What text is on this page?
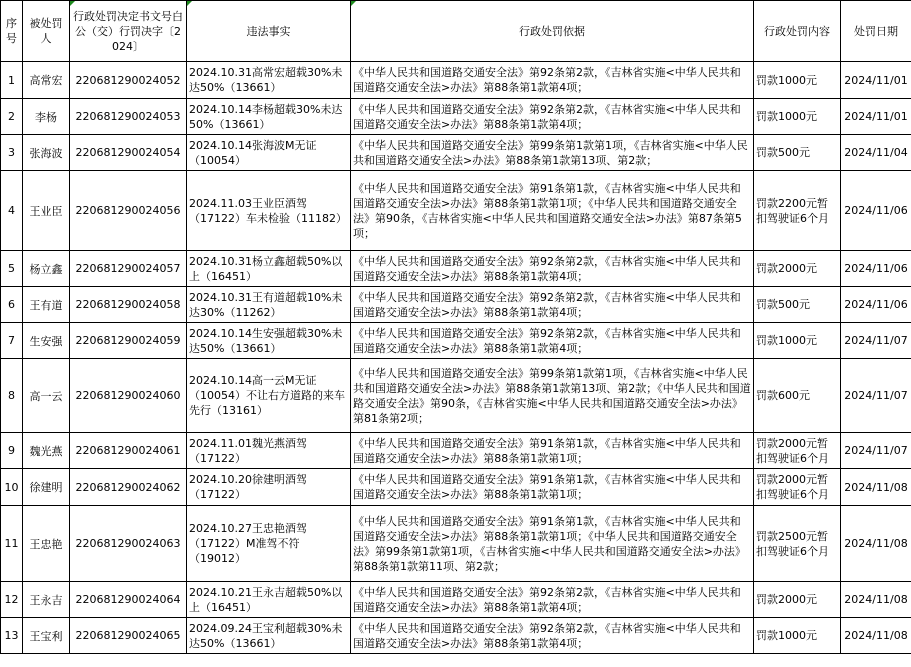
序号	被处罚人	行政处罚决定书文号白公（交）行罚决字〔2024〕	违法事实	行政处罚依据	行政处罚内容	处罚日期
1	高常宏	220681290024052	2024.10.31高常宏超载30%未达50%（13661）	《中华人民共和国道路交通安全法》第92条第2款，《吉林省实施<中华人民共和国道路交通安全法>办法》第88条第1款第4项；	罚款1000元	2024/11/01
2	李杨	220681290024053	2024.10.14李杨超载30%未达50%（13661）	《中华人民共和国道路交通安全法》第92条第2款，《吉林省实施<中华人民共和国道路交通安全法>办法》第88条第1款第4项；	罚款1000元	2024/11/01
3	张海波	220681290024054	2024.10.14张海波M无证（10054）	《中华人民共和国道路交通安全法》第99条第1款第1项，《吉林省实施<中华人民共和国道路交通安全法>办法》第88条第1款第13项、第2款；	罚款500元	2024/11/04
4	王业臣	220681290024056	2024.11.03王业臣酒驾（17122）车未检验（11182）	《中华人民共和国道路交通安全法》第91条第1款，《吉林省实施<中华人民共和国道路交通安全法>办法》第88条第1款第1项；《中华人民共和国道路交通安全法》第90条，《吉林省实施<中华人民共和国道路交通安全法>办法》第87条第5项；	罚款2200元暂扣驾驶证6个月	2024/11/06
5	杨立鑫	220681290024057	2024.10.31杨立鑫超载50%以上（16451）	《中华人民共和国道路交通安全法》第92条第2款，《吉林省实施<中华人民共和国道路交通安全法>办法》第88条第1款第4项；	罚款2000元	2024/11/06
6	王有道	220681290024058	2024.10.31王有道超载10%未达30%（11262）	《中华人民共和国道路交通安全法》第92条第2款，《吉林省实施<中华人民共和国道路交通安全法>办法》第88条第1款第4项；	罚款500元	2024/11/06
7	生安强	220681290024059	2024.10.14生安强超载30%未达50%（13661）	《中华人民共和国道路交通安全法》第92条第2款，《吉林省实施<中华人民共和国道路交通安全法>办法》第88条第1款第4项；	罚款1000元	2024/11/07
8	高一云	220681290024060	2024.10.14高一云M无证（10054）不让右方道路的来车先行（13161）	《中华人民共和国道路交通安全法》第99条第1款第1项，《吉林省实施<中华人民共和国道路交通安全法>办法》第88条第1款第13项、第2款；《中华人民共和国道路交通安全法》第90条，《吉林省实施<中华人民共和国道路交通安全法>办法》第81条第2项；	罚款600元	2024/11/07
9	魏光燕	220681290024061	2024.11.01魏光燕酒驾（17122）	《中华人民共和国道路交通安全法》第91条第1款，《吉林省实施<中华人民共和国道路交通安全法>办法》第88条第1款第1项；	罚款2000元暂扣驾驶证6个月	2024/11/07
10	徐建明	220681290024062	2024.10.20徐建明酒驾（17122）	《中华人民共和国道路交通安全法》第91条第1款，《吉林省实施<中华人民共和国道路交通安全法>办法》第88条第1款第1项；	罚款2000元暂扣驾驶证6个月	2024/11/08
11	王忠艳	220681290024063	2024.10.27王忠艳酒驾（17122）M准驾不符（19012）	《中华人民共和国道路交通安全法》第91条第1款，《吉林省实施<中华人民共和国道路交通安全法>办法》第88条第1款第1项；《中华人民共和国道路交通安全法》第99条第1款第1项，《吉林省实施<中华人民共和国道路交通安全法>办法》第88条第1款第11项、第2款；	罚款2500元暂扣驾驶证6个月	2024/11/08
12	王永吉	220681290024064	2024.10.21王永吉超载50%以上（16451）	《中华人民共和国道路交通安全法》第92条第2款，《吉林省实施<中华人民共和国道路交通安全法>办法》第88条第1款第4项；	罚款2000元	2024/11/08
13	王宝利	220681290024065	2024.09.24王宝利超载30%未达50%（13661）	《中华人民共和国道路交通安全法》第92条第2款，《吉林省实施<中华人民共和国道路交通安全法>办法》第88条第1款第4项；	罚款1000元	2024/11/08
